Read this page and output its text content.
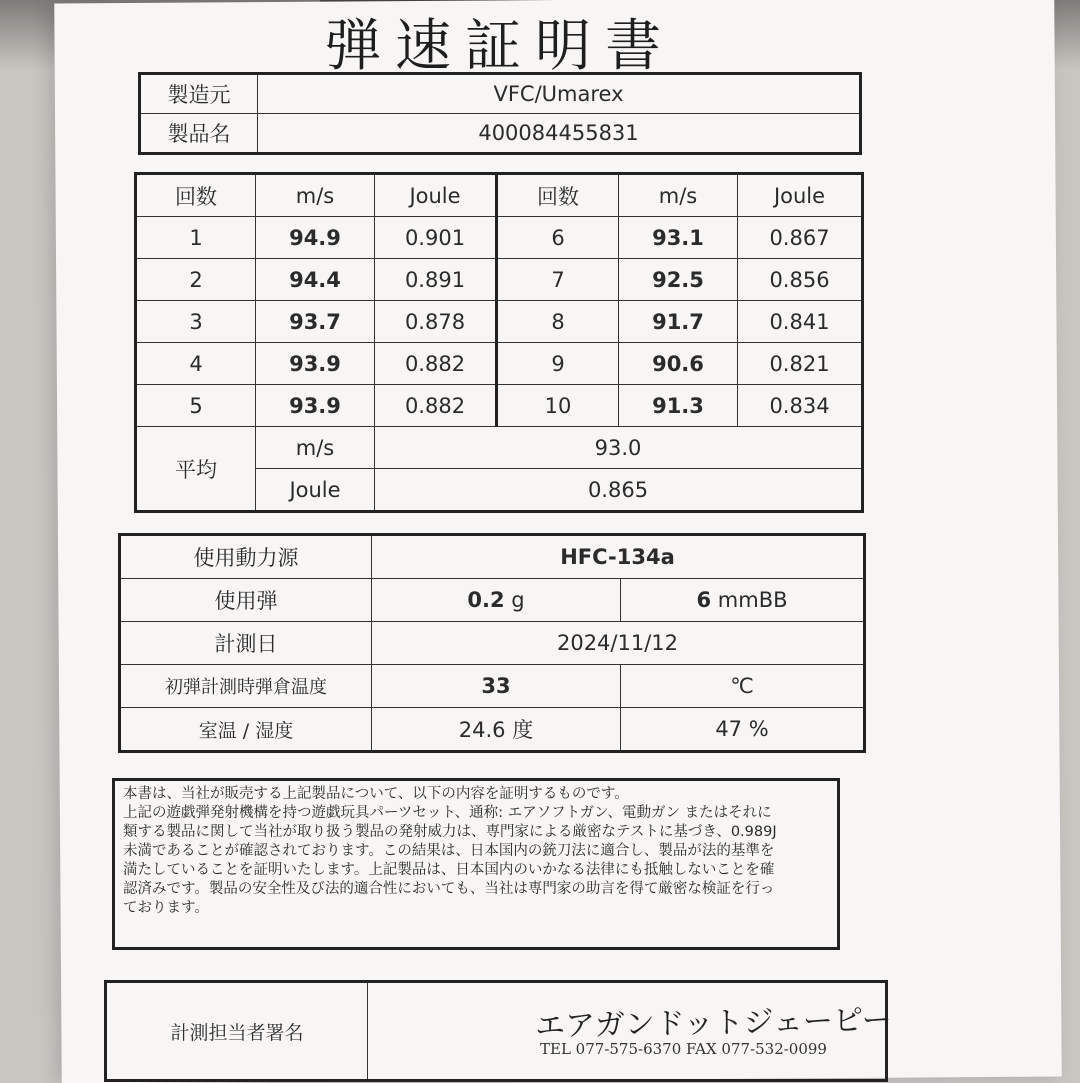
弾速証明書
製造元	VFC/Umarex
製品名	400084455831
回数	m/s	Joule	回数	m/s	Joule
1	94.9	0.901	6	93.1	0.867
2	94.4	0.891	7	92.5	0.856
3	93.7	0.878	8	91.7	0.841
4	93.9	0.882	9	90.6	0.821
5	93.9	0.882	10	91.3	0.834
平均	m/s	93.0			
	Joule	0.865			
使用動力源	HFC-134a	
使用弾	0.2 g	6 mmBB
計測日	2024/11/12	
初弾計測時弾倉温度	33	℃
室温 / 湿度	24.6 度	47 %

本書は、当社が販売する上記製品について、以下の内容を証明するものです。

上記の遊戯弾発射機構を持つ遊戯玩具パーツセット、通称: エアソフトガン、電動ガン またはそれに

類する製品に関して当社が取り扱う製品の発射威力は、専門家による厳密なテストに基づき、0.989J

未満であることが確認されております。この結果は、日本国内の銃刀法に適合し、製品が法的基準を

満たしていることを証明いたします。上記製品は、日本国内のいかなる法律にも抵触しないことを確

認済みです。製品の安全性及び法的適合性においても、当社は専門家の助言を得て厳密な検証を行っ

ております。

計測担当者署名		エアガンドットジェーピー
TEL 077-575-6370 FAX 077-532-0099
